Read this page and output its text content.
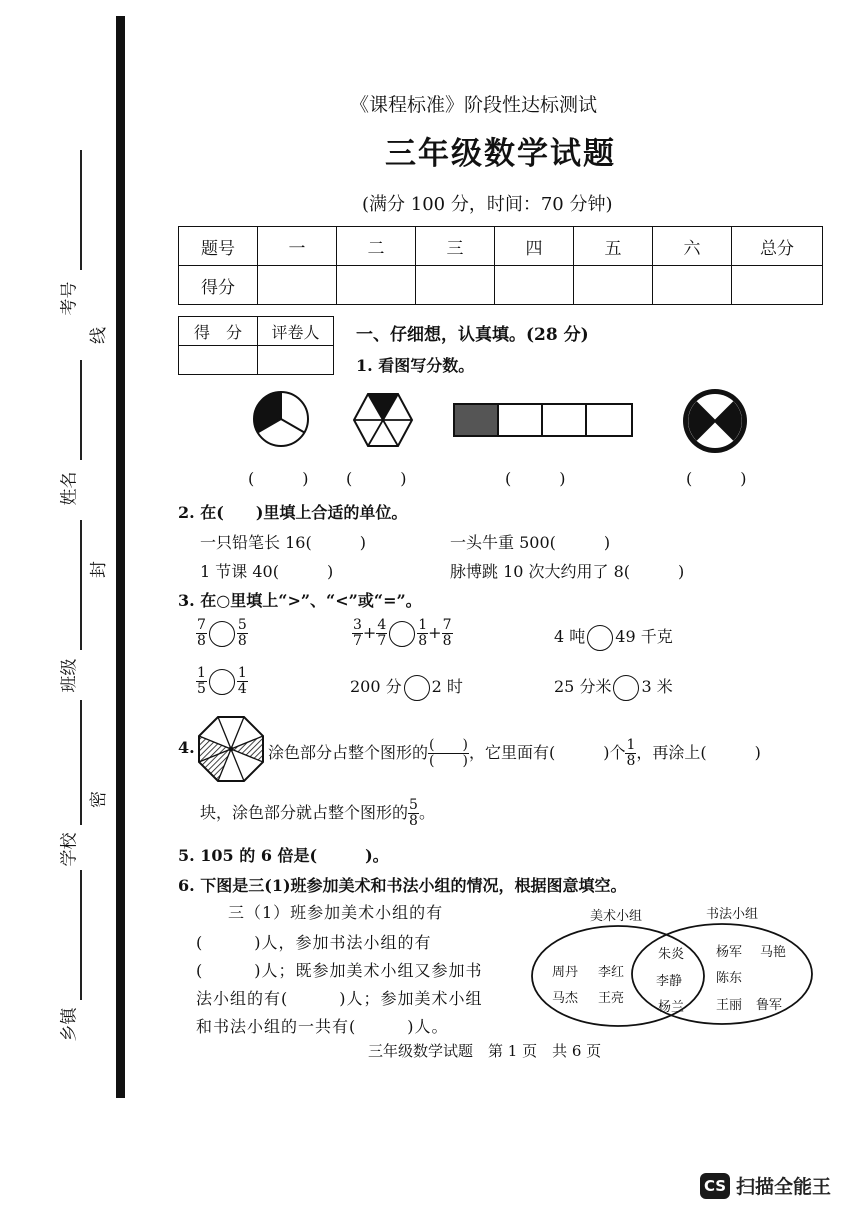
考号
线
姓名
封
班级
密
学校
乡镇
《课程标准》阶段性达标测试
三年级数学试题
(满分 100 分，时间：70 分钟)
题号	一	二	三	四	五	六	总分
得分							
得　分	评卷人
	一、仔细想，认真填。(28 分)
1. 看图写分数。
(　　　) (　　　)	(　　　)	(　　　)
2. 在(　　)里填上合适的单位。
一只铅笔长 16(　　　)	一头牛重 500(　　　)
1 节课 40(　　　)	脉博跳 10 次大约用了 8(　　　)
3. 在○里填上“>”、“<”或“=”。
$\frac{7}{8} \frac{5}{8}$	$\frac{3}{7} + \frac{4}{7} \frac{1}{8} + \frac{7}{8}$	4 吨 49 千克
$\frac{1}{5} \frac{1}{4}$	200 分 2 时	25 分米 3 米
4.	涂色部分占整个图形的 $\frac{( )}{( )}$ ，它里面有(　　　)个 $\frac{1}{8}$ ，再涂上(　　　)
块，涂色部分就占整个图形的 $\frac{5}{8}$ 。
5. 105 的 6 倍是(　　　)。
6. 下图是三(1)班参加美术和书法小组的情况，根据图意填空。
三（1）班参加美术小组的有
(　　　)人，参加书法小组的有
(　　　)人；既参加美术小组又参加书
法小组的有(　　　)人；参加美术小组
和书法小组的一共有(　　　)人。
美术小组	书法小组
周丹 李红
马杰 王亮
朱炎
李静
杨兰
杨军 马艳
陈东
王丽 鲁军
三年级数学试题　第 1 页　共 6 页
CS 扫描全能王
